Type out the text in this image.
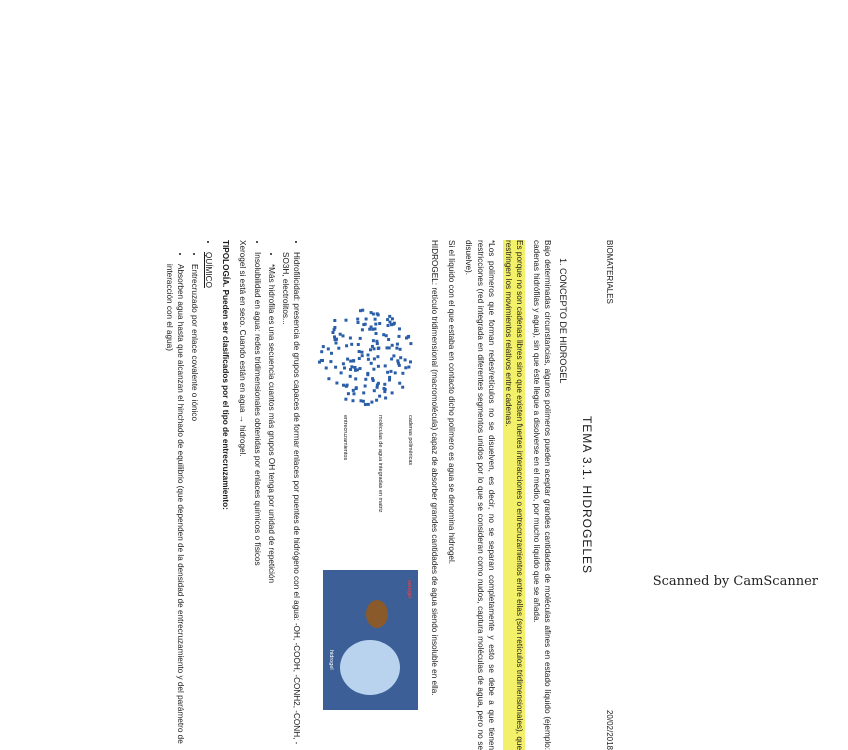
BIOMATERIALES
20/02/2018
TEMA 3.1. HIDROGELES
1. CONCEPTO DE HIDROGEL

Bajo determinadas circunstancias, algunos polímeros pueden aceptar grandes cantidades de moléculas afines en estado líquido (ejemplo: cadenas hidrófilas y agua), sin que éste llegue a disolverse en el medio, por mucho líquido que se añada.

Es porque no son cadenas libres sino que existen fuertes interacciones o entrecruzamientos entre ellas (son retículos tridimensionales), que restringen los movimientos relativos entre cadenas.

*Los polímeros que forman redes/retículos no se disuelven, es decir, no se separan completamente y esto se debe a que tienen restricciones (red integrada en diferentes segmentos unidos por lo que se consideran como nudos, captura moléculas de agua, pero no se disuelve).

Si el líquido con el que estaba en contacto dicho polímero es agua se denomina hidrogel.

HIDROGEL: retículo tridimensional (macromolécula) capaz de absorber grandes cantidades de agua siendo insoluble en ella.

cadenas poliméricas
moléculas de agua integradas en matriz
entrecruzamientos
xerogel
hidrogel
• Hidrofilicidad: presencia de grupos capaces de formar enlaces por puentes de hidrógeno con el agua: -OH, -COOH, -CONH2, -CONH, -SO3H, electrolitos...
• *Más hidrofila es una secuencia cuantos más grupos OH tenga por unidad de repetición
• Insolubilidad en agua: redes tridimensionales obtenidas por enlaces químicos o físicos

Xerogel si está en seco. Cuando están en agua → hidrogel.

TIPOLOGÍA. Pueden ser clasificados por el tipo de entrecruzamiento:

• QUÍMICO
• Entrecruzado por enlace covalente o iónico
• Absorben agua hasta que alcanzan el hinchado de equilibrio (que dependen de la densidad de entrecruzamiento y del parámetro de interacción con el agua)
Scanned by CamScanner
